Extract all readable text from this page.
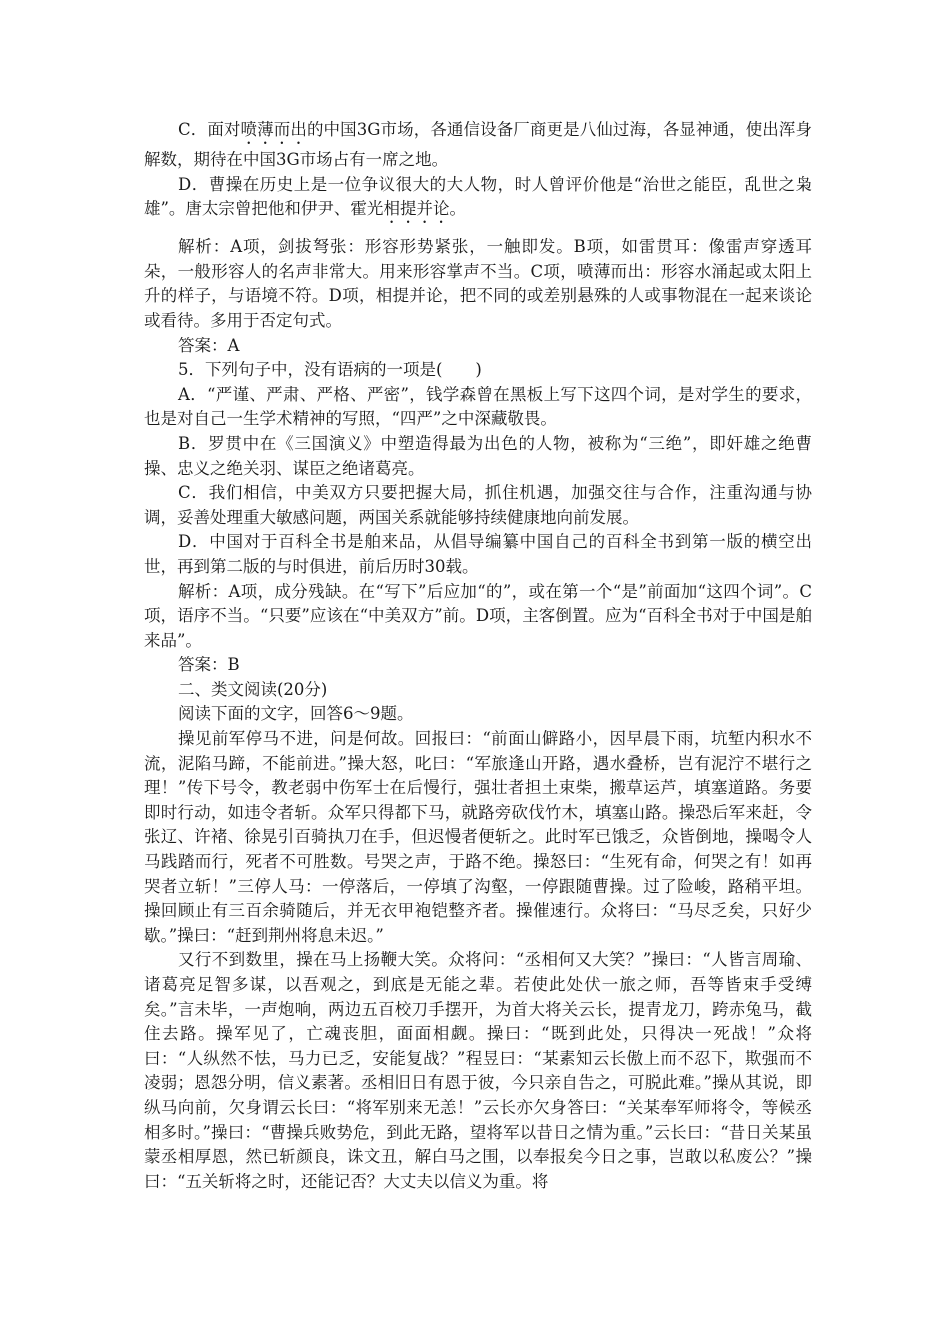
C．面对喷薄而出的中国3G市场，各通信设备厂商更是八仙过海，各显神通，使出浑身解数，期待在中国3G市场占有一席之地。

D．曹操在历史上是一位争议很大的大人物，时人曾评价他是“治世之能臣，乱世之枭雄”。唐太宗曾把他和伊尹、霍光相提并论。

解析：A项，剑拔弩张：形容形势紧张，一触即发。B项，如雷贯耳：像雷声穿透耳朵，一般形容人的名声非常大。用来形容掌声不当。C项，喷薄而出：形容水涌起或太阳上升的样子，与语境不符。D项，相提并论，把不同的或差别悬殊的人或事物混在一起来谈论或看待。多用于否定句式。

答案：A

5．下列句子中，没有语病的一项是(　　)

A．“严谨、严肃、严格、严密”，钱学森曾在黑板上写下这四个词，是对学生的要求，也是对自己一生学术精神的写照，“四严”之中深藏敬畏。

B．罗贯中在《三国演义》中塑造得最为出色的人物，被称为“三绝”，即奸雄之绝曹操、忠义之绝关羽、谋臣之绝诸葛亮。

C．我们相信，中美双方只要把握大局，抓住机遇，加强交往与合作，注重沟通与协调，妥善处理重大敏感问题，两国关系就能够持续健康地向前发展。

D．中国对于百科全书是舶来品，从倡导编纂中国自己的百科全书到第一版的横空出世，再到第二版的与时俱进，前后历时30载。

解析：A项，成分残缺。在“写下”后应加“的”，或在第一个“是”前面加“这四个词”。C项，语序不当。“只要”应该在“中美双方”前。D项，主客倒置。应为“百科全书对于中国是舶来品”。

答案：B

二、类文阅读(20分)

阅读下面的文字，回答6～9题。

操见前军停马不进，问是何故。回报曰：“前面山僻路小，因早晨下雨，坑堑内积水不流，泥陷马蹄，不能前进。”操大怒，叱曰：“军旅逢山开路，遇水叠桥，岂有泥泞不堪行之理！”传下号令，教老弱中伤军士在后慢行，强壮者担土束柴，搬草运芦，填塞道路。务要即时行动，如违令者斩。众军只得都下马，就路旁砍伐竹木，填塞山路。操恐后军来赶，令张辽、许褚、徐晃引百骑执刀在手，但迟慢者便斩之。此时军已饿乏，众皆倒地，操喝令人马践踏而行，死者不可胜数。号哭之声，于路不绝。操怒曰：“生死有命，何哭之有！如再哭者立斩！”三停人马：一停落后，一停填了沟壑，一停跟随曹操。过了险峻，路稍平坦。操回顾止有三百余骑随后，并无衣甲袍铠整齐者。操催速行。众将曰：“马尽乏矣，只好少歇。”操曰：“赶到荆州将息未迟。”

又行不到数里，操在马上扬鞭大笑。众将问：“丞相何又大笑？”操曰：“人皆言周瑜、诸葛亮足智多谋，以吾观之，到底是无能之辈。若使此处伏一旅之师，吾等皆束手受缚矣。”言未毕，一声炮响，两边五百校刀手摆开，为首大将关云长，提青龙刀，跨赤兔马，截住去路。操军见了，亡魂丧胆，面面相觑。操曰：“既到此处，只得决一死战！”众将曰：“人纵然不怯，马力已乏，安能复战？”程昱曰：“某素知云长傲上而不忍下，欺强而不凌弱；恩怨分明，信义素著。丞相旧日有恩于彼，今只亲自告之，可脱此难。”操从其说，即纵马向前，欠身谓云长曰：“将军别来无恙！”云长亦欠身答曰：“关某奉军师将令，等候丞相多时。”操曰：“曹操兵败势危，到此无路，望将军以昔日之情为重。”云长曰：“昔日关某虽蒙丞相厚恩，然已斩颜良，诛文丑，解白马之围，以奉报矣今日之事，岂敢以私废公？”操曰：“五关斩将之时，还能记否？大丈夫以信义为重。将
